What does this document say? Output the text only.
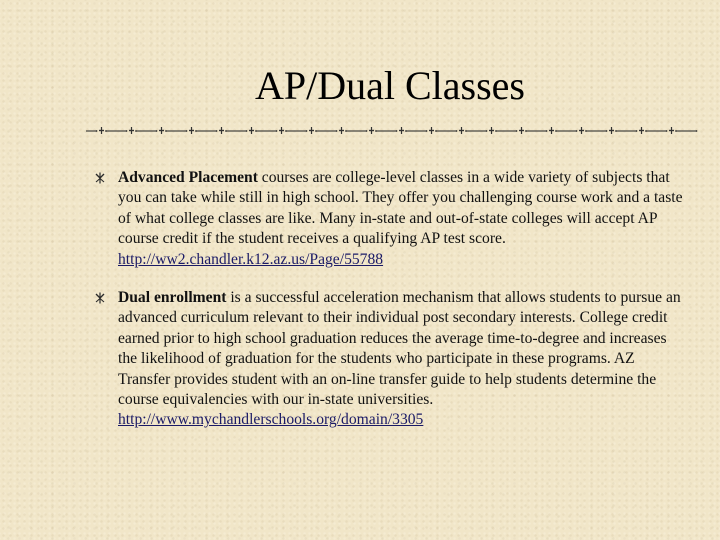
AP/Dual Classes
Advanced Placement courses are college-level classes in a wide variety of subjects that you can take while still in high school. They offer you challenging course work and a taste of what college classes are like. Many in-state and out-of-state colleges will accept AP course credit if the student receives a qualifying AP test score. http://ww2.chandler.k12.az.us/Page/55788
Dual enrollment is a successful acceleration mechanism that allows students to pursue an advanced curriculum relevant to their individual post secondary interests. College credit earned prior to high school graduation reduces the average time-to-degree and increases the likelihood of graduation for the students who participate in these programs. AZ Transfer provides student with an on-line transfer guide to help students determine the course equivalencies with our in-state universities. http://www.mychandlerschools.org/domain/3305
